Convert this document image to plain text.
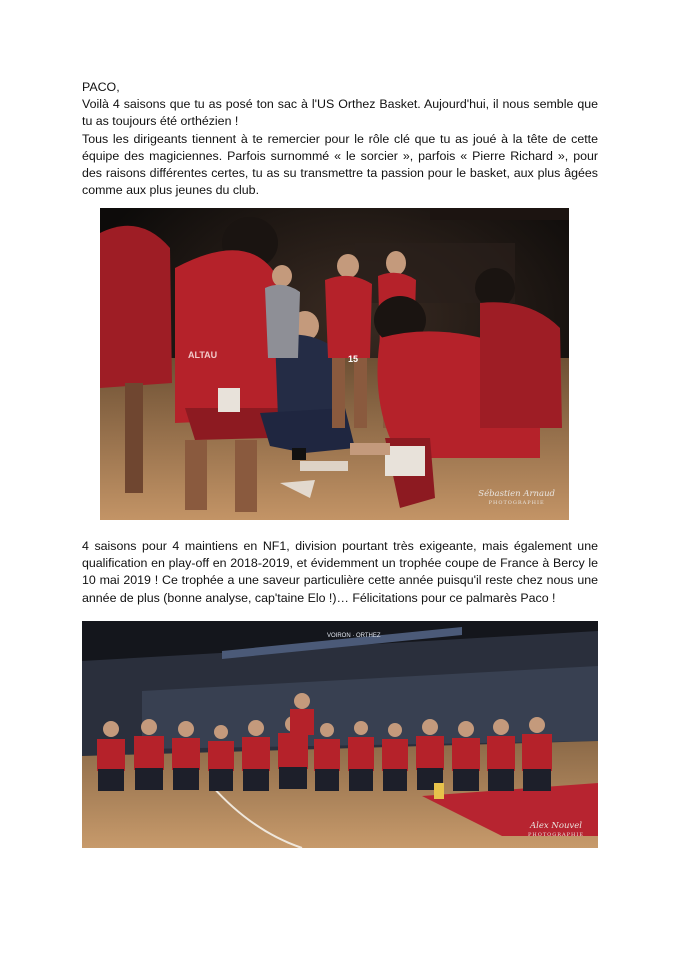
PACO,

Voilà 4 saisons que tu as posé ton sac à l'US Orthez Basket. Aujourd'hui, il nous semble que tu as toujours été orthézien !

Tous les dirigeants tiennent à te remercier pour le rôle clé que tu as joué à la tête de cette équipe des magiciennes. Parfois surnommé « le sorcier », parfois « Pierre Richard », pour des raisons différentes certes, tu as su transmettre ta passion pour le basket, aux plus âgées comme aux plus jeunes du club.

15
ALTAU
Sébastien Arnaud
PHOTOGRAPHIE

4 saisons pour 4 maintiens en NF1, division pourtant très exigeante, mais également une qualification en play-off en 2018-2019, et évidemment un trophée coupe de France à Bercy le 10 mai 2019 ! Ce trophée a une saveur particulière cette année puisqu'il reste chez nous une année de plus (bonne analyse, cap'taine Elo !)… Félicitations pour ce palmarès Paco !

VOIRON · ORTHEZ
Alex Nouvel
PHOTOGRAPHIE
